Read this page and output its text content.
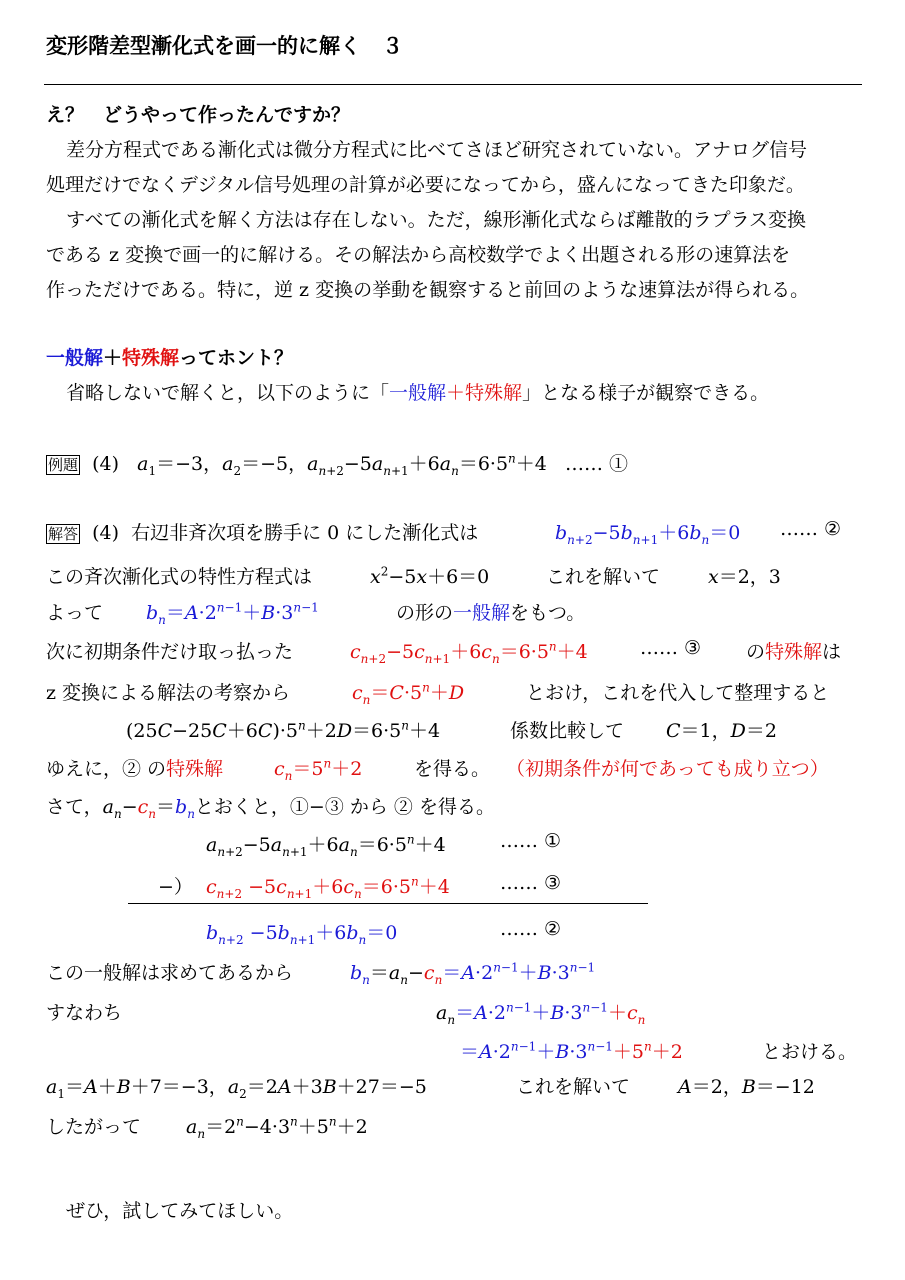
変形階差型漸化式を画一的に解く　３
え？　どうやって作ったんですか？
差分方程式である漸化式は微分方程式に比べてさほど研究されていない。アナログ信号
処理だけでなくデジタル信号処理の計算が必要になってから，盛んになってきた印象だ。
すべての漸化式を解く方法は存在しない。ただ，線形漸化式ならば離散的ラプラス変換
である z 変換で画一的に解ける。その解法から高校数学でよく出題される形の速算法を
作っただけである。特に，逆 z 変換の挙動を観察すると前回のような速算法が得られる。
一般解＋特殊解ってホント？
省略しないで解くと，以下のように「一般解＋特殊解」となる様子が観察できる。
例題 (4) $a_1=-3$，$a_2=-5$，$a_{n+2}-5a_{n+1}+6a_n=6\cdot 5^n+4$ …… ①
解答 (4) 右辺非斉次項を勝手に 0 にした漸化式は	$b_{n+2}-5b_{n+1}+6b_n=0$ …… ②
この斉次漸化式の特性方程式は	$x^2-5x+6=0$	これを解いて	x＝2，3
よって $b_n=A\cdot 2^{n-1}+B\cdot 3^{n-1}$	の形の一般解をもつ。
次に初期条件だけ取っ払った	$c_{n+2}-5c_{n+1}+6c_n=6\cdot 5^n+4$	…… ③ の特殊解は
z 変換による解法の考察から	$c_n=C\cdot 5^n+D$	とおけ，これを代入して整理すると
$(25C-25C+6C)\cdot 5^n+2D=6\cdot 5^n+4$	係数比較して C＝1，D＝2
ゆえに，② の特殊解	$c_n=5^n+2$	を得る。 （初期条件が何であっても成り立つ）
さて，$a_n-c_n=b_n$とおくと，①−③ から ② を得る。
$a_{n+2}-5a_{n+1}+6a_n=6\cdot 5^n+4$	…… ①
−） $c_{n+2} -5c_{n+1}+6c_n=6\cdot 5^n+4$	…… ③
$b_{n+2} -5b_{n+1}+6b_n=0$	…… ②
この一般解は求めてあるから	$b_n=a_n-c_n=A\cdot 2^{n-1}+B\cdot 3^{n-1}$
すなわち	$a_n=A\cdot 2^{n-1}+B\cdot 3^{n-1}+c_n$
$=A\cdot 2^{n-1}+B\cdot 3^{n-1}+5^n+2$	とおける。
$a_1=A+B+7=-3$，$a_2=2A+3B+27=-5$	これを解いて	A＝2，B＝−12
したがって $a_n=2^n-4\cdot 3^n+5^n+2$
ぜひ，試してみてほしい。
